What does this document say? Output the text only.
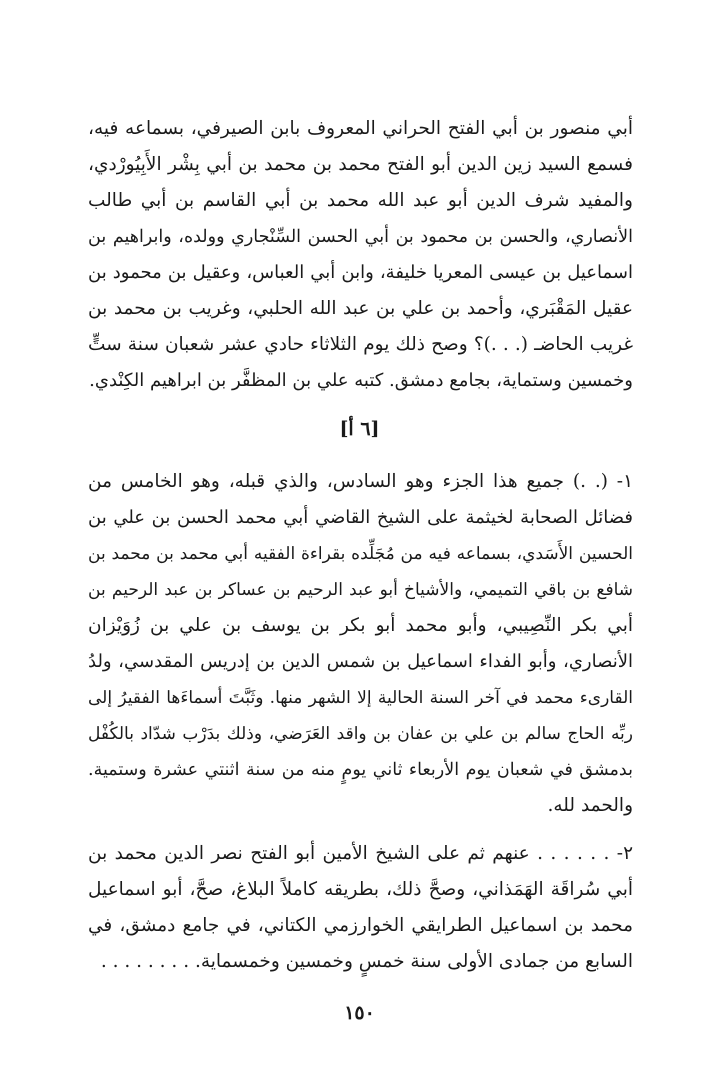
أبي منصور بن أبي الفتح الحراني المعروف بابن الصيرفي، بسماعه فيه،
فسمع السيد زين الدين أبو الفتح محمد بن محمد بن أبي بِشْر الأَبِيُورْدي،
والمفيد شرف الدين أبو عبد الله محمد بن أبي القاسم بن أبي طالب
الأنصاري، والحسن بن محمود بن أبي الحسن السِّنْجاري وولده، وابراهيم بن
اسماعيل بن عيسى المعريا خليفة، وابن أبي العباس، وعقيل بن محمود بن
عقيل المَقْبَري، وأحمد بن علي بن عبد الله الحلبي، وغريب بن محمد بن
غريب الحاضـ (. . .)؟ وصح ذلك يوم الثلاثاء حادي عشر شعبان سنة ستٍّ
وخمسين وستماية، بجامع دمشق. كتبه علي بن المظفَّر بن ابراهيم الكِنْدي.
[٦ أ]
١- (. .) جميع هذا الجزء وهو السادس، والذي قبله، وهو الخامس من
فضائل الصحابة لخيثمة على الشيخ القاضي أبي محمد الحسن بن علي بن
الحسين الأَسَدي، بسماعه فيه من مُجَلِّده بقراءة الفقيه أبي محمد بن محمد بن
شافع بن باقي التميمي، والأشياخ أبو عبد الرحيم بن عساكر بن عبد الرحيم بن
أبي بكر النِّصِيبي، وأبو محمد أبو بكر بن يوسف بن علي بن زُوَيْزان
الأنصاري، وأبو الفداء اسماعيل بن شمس الدين بن إدريس المقدسي، ولدُ
القارىء محمد في آخر السنة الحالية إلا الشهر منها. وثَبَّتَ أسماءَها الفقيرُ إلى
ربِّه الحاج سالم بن علي بن عفان بن واقد العَرَضي، وذلك بدَرْب شدّاد بالكُفْل
بدمشق في شعبان يوم الأربعاء ثاني يومٍ منه من سنة اثنتي عشرة وستمية.
والحمد لله.
٢- . . . . . . عنهم ثم على الشيخ الأمين أبو الفتح نصر الدين محمد بن
أبي سُراقَة الهَمَذاني، وصحَّ ذلك، بطريقه كاملاً البلاغ، صحَّ، أبو اسماعيل
محمد بن اسماعيل الطرايقي الخوارزمي الكتاني، في جامع دمشق، في
السابع من جمادى الأولى سنة خمسٍ وخمسين وخمسماية. . . . . . . . .
١٥٠
